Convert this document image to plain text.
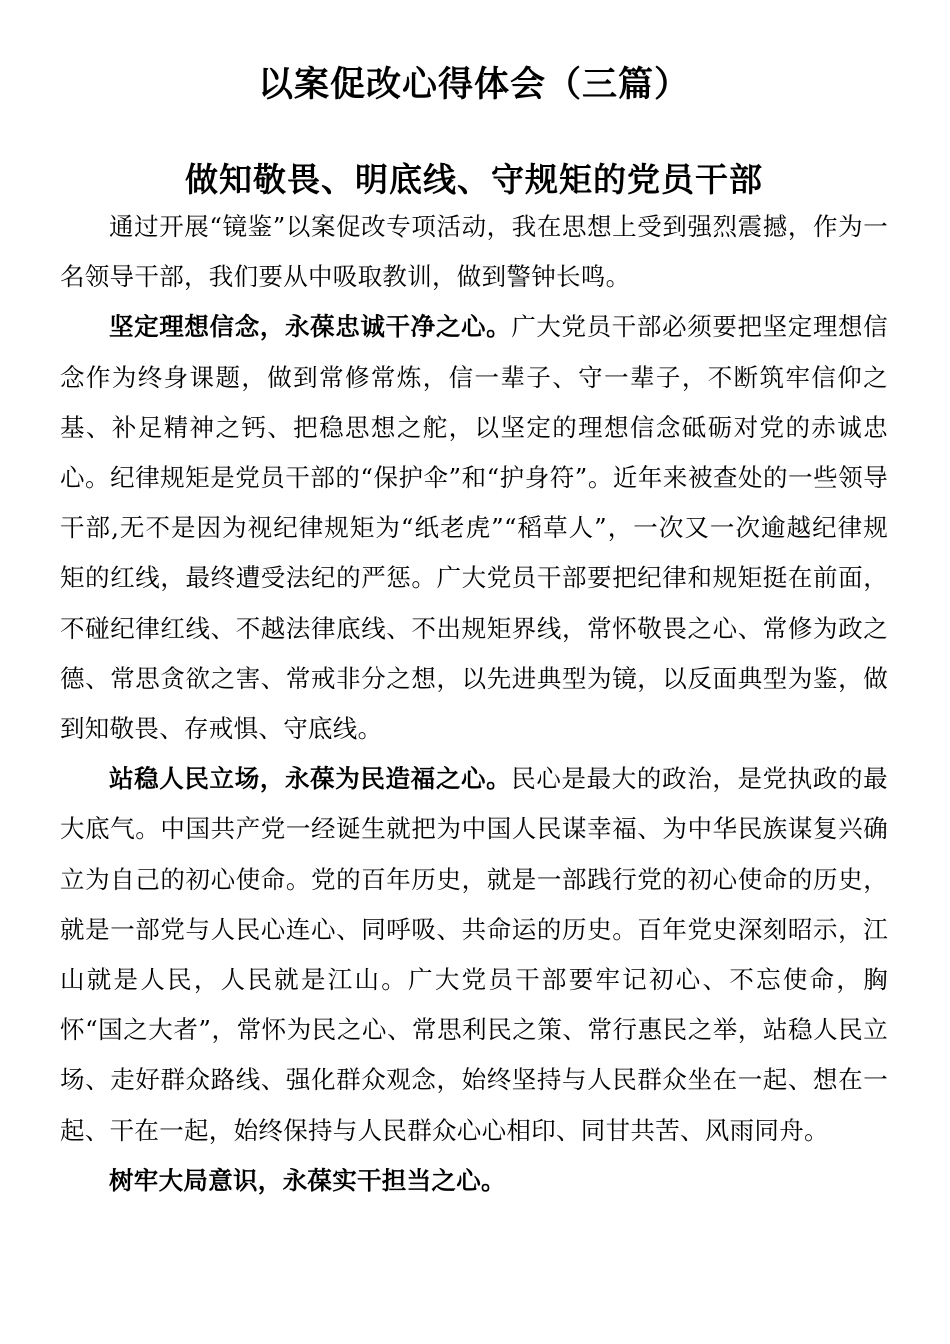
以案促改心得体会（三篇）
做知敬畏、明底线、守规矩的党员干部

通过开展“镜鉴”以案促改专项活动，我在思想上受到强烈震撼，作为一名领导干部，我们要从中吸取教训，做到警钟长鸣。

坚定理想信念，永葆忠诚干净之心。广大党员干部必须要把坚定理想信念作为终身课题，做到常修常炼，信一辈子、守一辈子，不断筑牢信仰之基、补足精神之钙、把稳思想之舵，以坚定的理想信念砥砺对党的赤诚忠心。纪律规矩是党员干部的“保护伞”和“护身符”。近年来被查处的一些领导干部,无不是因为视纪律规矩为“纸老虎”“稻草人”，一次又一次逾越纪律规矩的红线，最终遭受法纪的严惩。广大党员干部要把纪律和规矩挺在前面，不碰纪律红线、不越法律底线、不出规矩界线，常怀敬畏之心、常修为政之德、常思贪欲之害、常戒非分之想，以先进典型为镜，以反面典型为鉴，做到知敬畏、存戒惧、守底线。

站稳人民立场，永葆为民造福之心。民心是最大的政治，是党执政的最大底气。中国共产党一经诞生就把为中国人民谋幸福、为中华民族谋复兴确立为自己的初心使命。党的百年历史，就是一部践行党的初心使命的历史，就是一部党与人民心连心、同呼吸、共命运的历史。百年党史深刻昭示，江山就是人民，人民就是江山。广大党员干部要牢记初心、不忘使命，胸怀“国之大者”，常怀为民之心、常思利民之策、常行惠民之举，站稳人民立场、走好群众路线、强化群众观念，始终坚持与人民群众坐在一起、想在一起、干在一起，始终保持与人民群众心心相印、同甘共苦、风雨同舟。

树牢大局意识，永葆实干担当之心。
